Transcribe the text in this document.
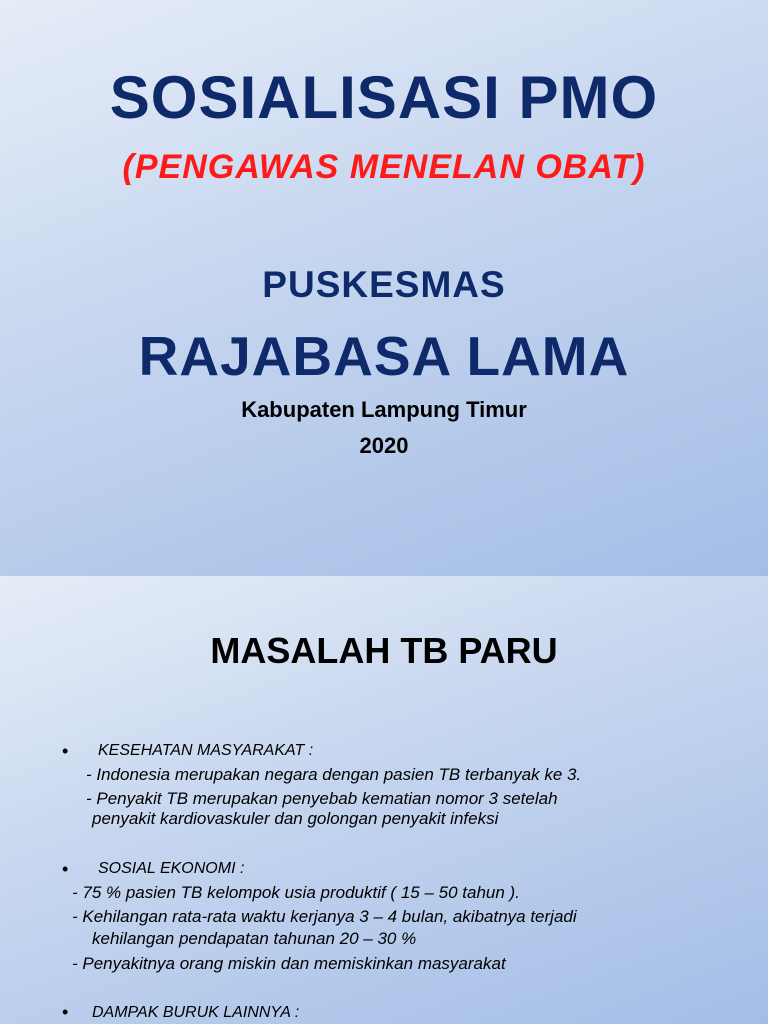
SOSIALISASI PMO

(PENGAWAS MENELAN OBAT)

PUSKESMAS

RAJABASA LAMA

Kabupaten Lampung Timur

2020

MASALAH TB PARU
• KESEHATAN MASYARAKAT :

- Indonesia merupakan negara dengan pasien TB terbanyak ke 3.

- Penyakit TB merupakan penyebab kematian nomor 3 setelah

penyakit kardiovaskuler dan golongan penyakit infeksi

• SOSIAL EKONOMI :

- 75 % pasien TB kelompok usia produktif ( 15 – 50 tahun ).

- Kehilangan rata-rata waktu kerjanya 3 – 4 bulan, akibatnya terjadi

kehilangan pendapatan tahunan 20 – 30 %

- Penyakitnya orang miskin dan memiskinkan masyarakat

• DAMPAK BURUK LAINNYA :
